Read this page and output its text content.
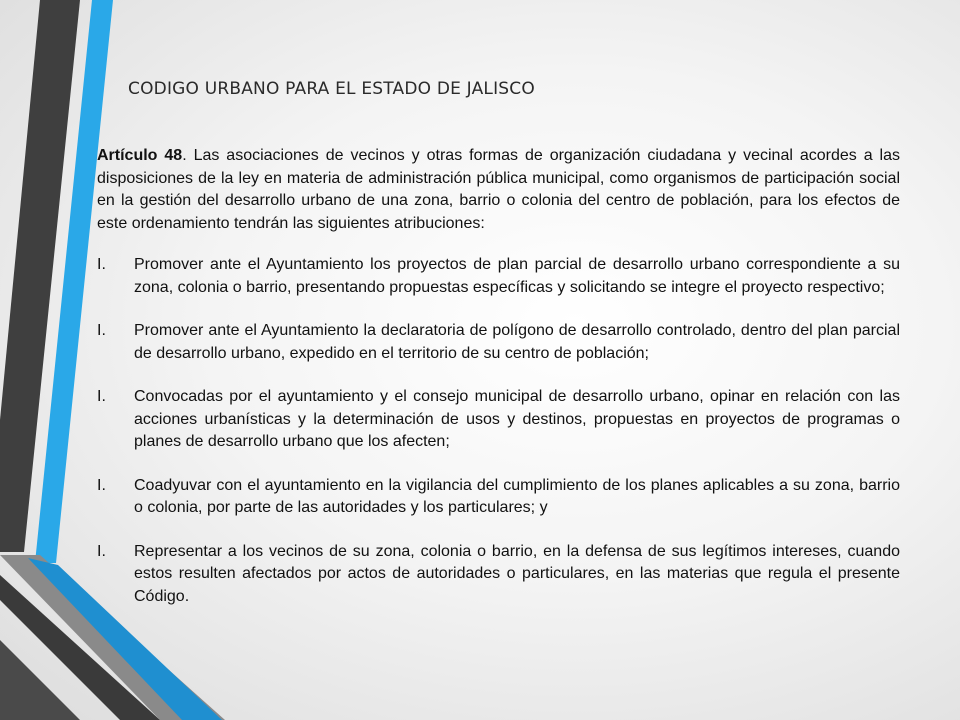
CODIGO URBANO PARA EL ESTADO DE JALISCO

Artículo 48. Las asociaciones de vecinos y otras formas de organización ciudadana y vecinal acordes a las disposiciones de la ley en materia de administración pública municipal, como organismos de participación social en la gestión del desarrollo urbano de una zona, barrio o colonia del centro de población, para los efectos de este ordenamiento tendrán las siguientes atribuciones:

I. Promover ante el Ayuntamiento los proyectos de plan parcial de desarrollo urbano correspondiente a su zona, colonia o barrio, presentando propuestas específicas y solicitando se integre el proyecto respectivo;
I. Promover ante el Ayuntamiento la declaratoria de polígono de desarrollo controlado, dentro del plan parcial de desarrollo urbano, expedido en el territorio de su centro de población;
I. Convocadas por el ayuntamiento y el consejo municipal de desarrollo urbano, opinar en relación con las acciones urbanísticas y la determinación de usos y destinos, propuestas en proyectos de programas o planes de desarrollo urbano que los afecten;
I. Coadyuvar con el ayuntamiento en la vigilancia del cumplimiento de los planes aplicables a su zona, barrio o colonia, por parte de las autoridades y los particulares; y
I. Representar a los vecinos de su zona, colonia o barrio, en la defensa de sus legítimos intereses, cuando estos resulten afectados por actos de autoridades o particulares, en las materias que regula el presente Código.
